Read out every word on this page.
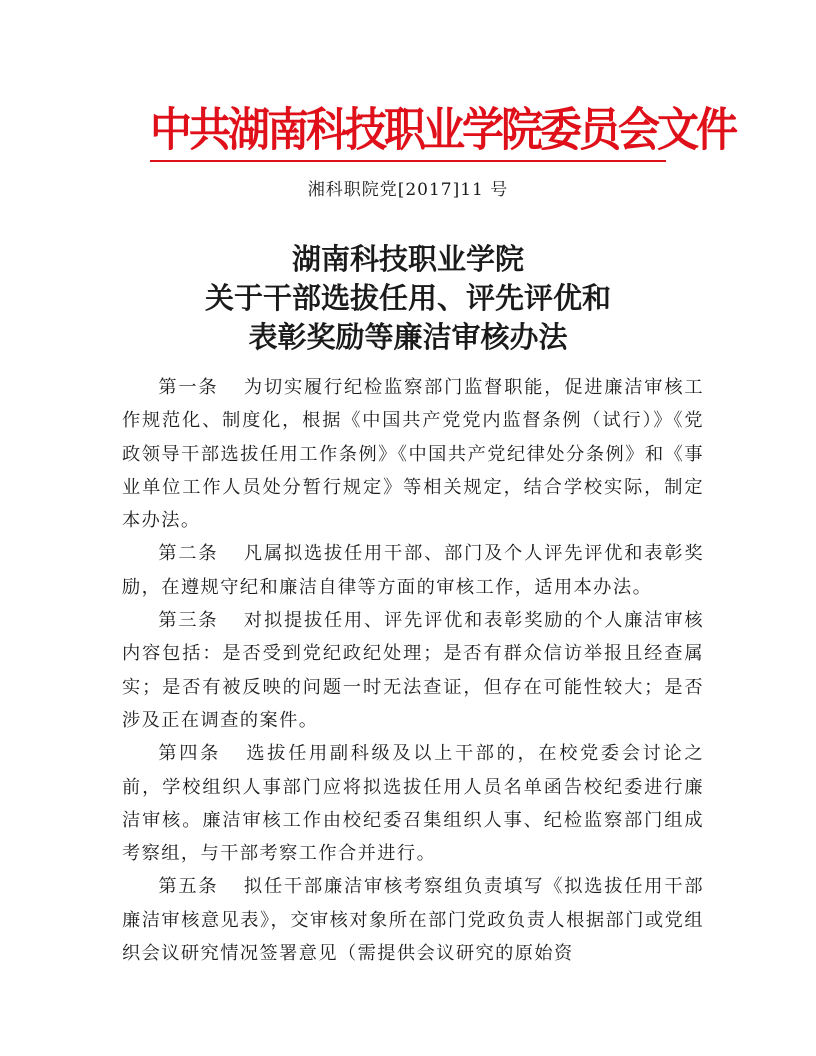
中共湖南科技职业学院委员会文件
湘科职院党[2017]11 号
湖南科技职业学院
关于干部选拔任用、评先评优和
表彰奖励等廉洁审核办法

第一条 为切实履行纪检监察部门监督职能，促进廉洁审核工作规范化、制度化，根据《中国共产党党内监督条例（试行）》《党政领导干部选拔任用工作条例》《中国共产党纪律处分条例》和《事业单位工作人员处分暂行规定》等相关规定，结合学校实际，制定本办法。

第二条 凡属拟选拔任用干部、部门及个人评先评优和表彰奖励，在遵规守纪和廉洁自律等方面的审核工作，适用本办法。

第三条 对拟提拔任用、评先评优和表彰奖励的个人廉洁审核内容包括：是否受到党纪政纪处理；是否有群众信访举报且经查属实；是否有被反映的问题一时无法查证，但存在可能性较大；是否涉及正在调查的案件。

第四条 选拔任用副科级及以上干部的，在校党委会讨论之前，学校组织人事部门应将拟选拔任用人员名单函告校纪委进行廉洁审核。廉洁审核工作由校纪委召集组织人事、纪检监察部门组成考察组，与干部考察工作合并进行。

第五条 拟任干部廉洁审核考察组负责填写《拟选拔任用干部廉洁审核意见表》，交审核对象所在部门党政负责人根据部门或党组织会议研究情况签署意见（需提供会议研究的原始资
